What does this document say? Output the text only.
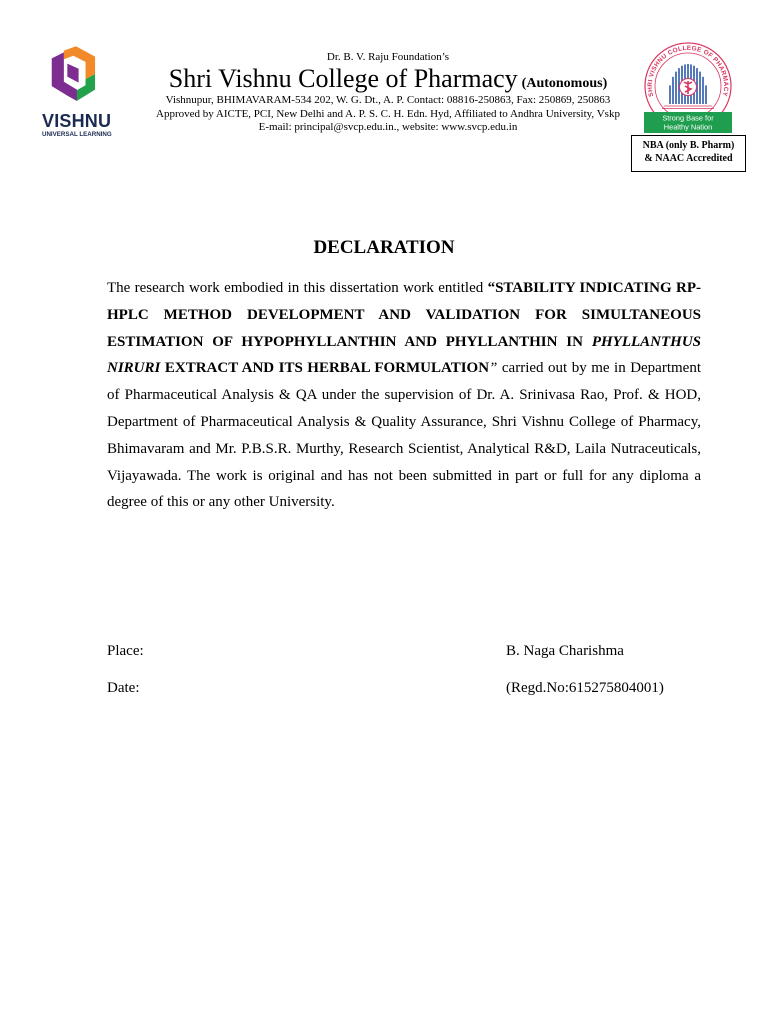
VISHNU
UNIVERSAL LEARNING
Dr. B. V. Raju Foundation’s
Shri Vishnu College of Pharmacy (Autonomous)
Vishnupur, BHIMAVARAM-534 202, W. G. Dt., A. P. Contact: 08816-250863, Fax: 250869, 250863
Approved by AICTE, PCI, New Delhi and A. P. S. C. H. Edn. Hyd, Affiliated to Andhra University, Vskp
E-mail: principal@svcp.edu.in., website: www.svcp.edu.in
SHRI VISHNU COLLEGE OF PHARMACY
Strong Base for
Healthy Nation
NBA (only B. Pharm)
& NAAC Accredited
DECLARATION

The research work embodied in this dissertation work entitled “STABILITY INDICATING RP-HPLC METHOD DEVELOPMENT AND VALIDATION FOR SIMULTANEOUS ESTIMATION OF HYPOPHYLLANTHIN AND PHYLLANTHIN IN PHYLLANTHUS NIRURI EXTRACT AND ITS HERBAL FORMULATION” carried out by me in Department of Pharmaceutical Analysis & QA under the supervision of Dr. A. Srinivasa Rao, Prof. & HOD, Department of Pharmaceutical Analysis & Quality Assurance, Shri Vishnu College of Pharmacy, Bhimavaram and Mr. P.B.S.R. Murthy, Research Scientist, Analytical R&D, Laila Nutraceuticals, Vijayawada. The work is original and has not been submitted in part or full for any diploma a degree of this or any other University.

Place:
Date:
B. Naga Charishma
(Regd.No:615275804001)
